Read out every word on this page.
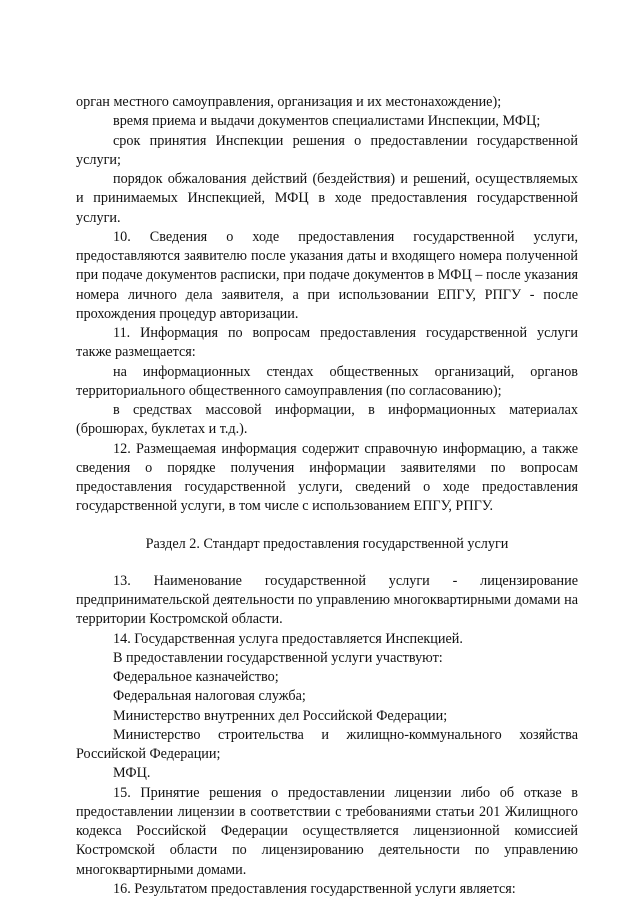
орган местного самоуправления, организация и их местонахождение);

время приема и выдачи документов специалистами Инспекции, МФЦ;

срок принятия Инспекции решения о предоставлении государственной услуги;

порядок обжалования действий (бездействия) и решений, осуществляемых и принимаемых Инспекцией, МФЦ в ходе предоставления государственной услуги.

10. Сведения о ходе предоставления государственной услуги, предоставляются заявителю после указания даты и входящего номера полученной при подаче документов расписки, при подаче документов в МФЦ – после указания номера личного дела заявителя, а при использовании ЕПГУ, РПГУ - после прохождения процедур авторизации.

11. Информация по вопросам предоставления государственной услуги также размещается:

на информационных стендах общественных организаций, органов территориального общественного самоуправления (по согласованию);

в средствах массовой информации, в информационных материалах (брошюрах, буклетах и т.д.).

12. Размещаемая информация содержит справочную информацию, а также сведения о порядке получения информации заявителями по вопросам предоставления государственной услуги, сведений о ходе предоставления государственной услуги, в том числе с использованием ЕПГУ, РПГУ.

Раздел 2. Стандарт предоставления государственной услуги

13. Наименование государственной услуги - лицензирование предпринимательской деятельности по управлению многоквартирными домами на территории Костромской области.

14. Государственная услуга предоставляется Инспекцией.

В предоставлении государственной услуги участвуют:

Федеральное казначейство;

Федеральная налоговая служба;

Министерство внутренних дел Российской Федерации;

Министерство строительства и жилищно-коммунального хозяйства Российской Федерации;

МФЦ.

15. Принятие решения о предоставлении лицензии либо об отказе в предоставлении лицензии в соответствии с требованиями статьи 201 Жилищного кодекса Российской Федерации осуществляется лицензионной комиссией Костромской области по лицензированию деятельности по управлению многоквартирными домами.

16. Результатом предоставления государственной услуги является:
